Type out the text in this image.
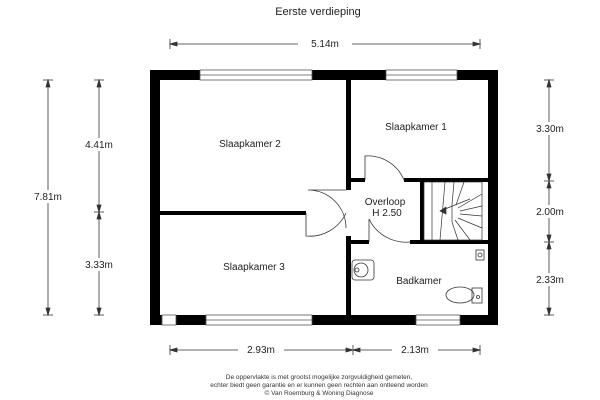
Eerste verdieping
5.14m
7.81m
4.41m
3.33m
3.30m
2.00m
2.33m
2.93m	2.13m
Slaapkamer 2
Slaapkamer 1
Slaapkamer 3
Overloop
H 2.50
Badkamer
De oppervlakte is met grootst mogelijke zorgvuldigheid gemeten,
echter biedt geen garantie en er kunnen geen rechten aan ontleend worden
© Van Roemburg & Woning Diagnose
